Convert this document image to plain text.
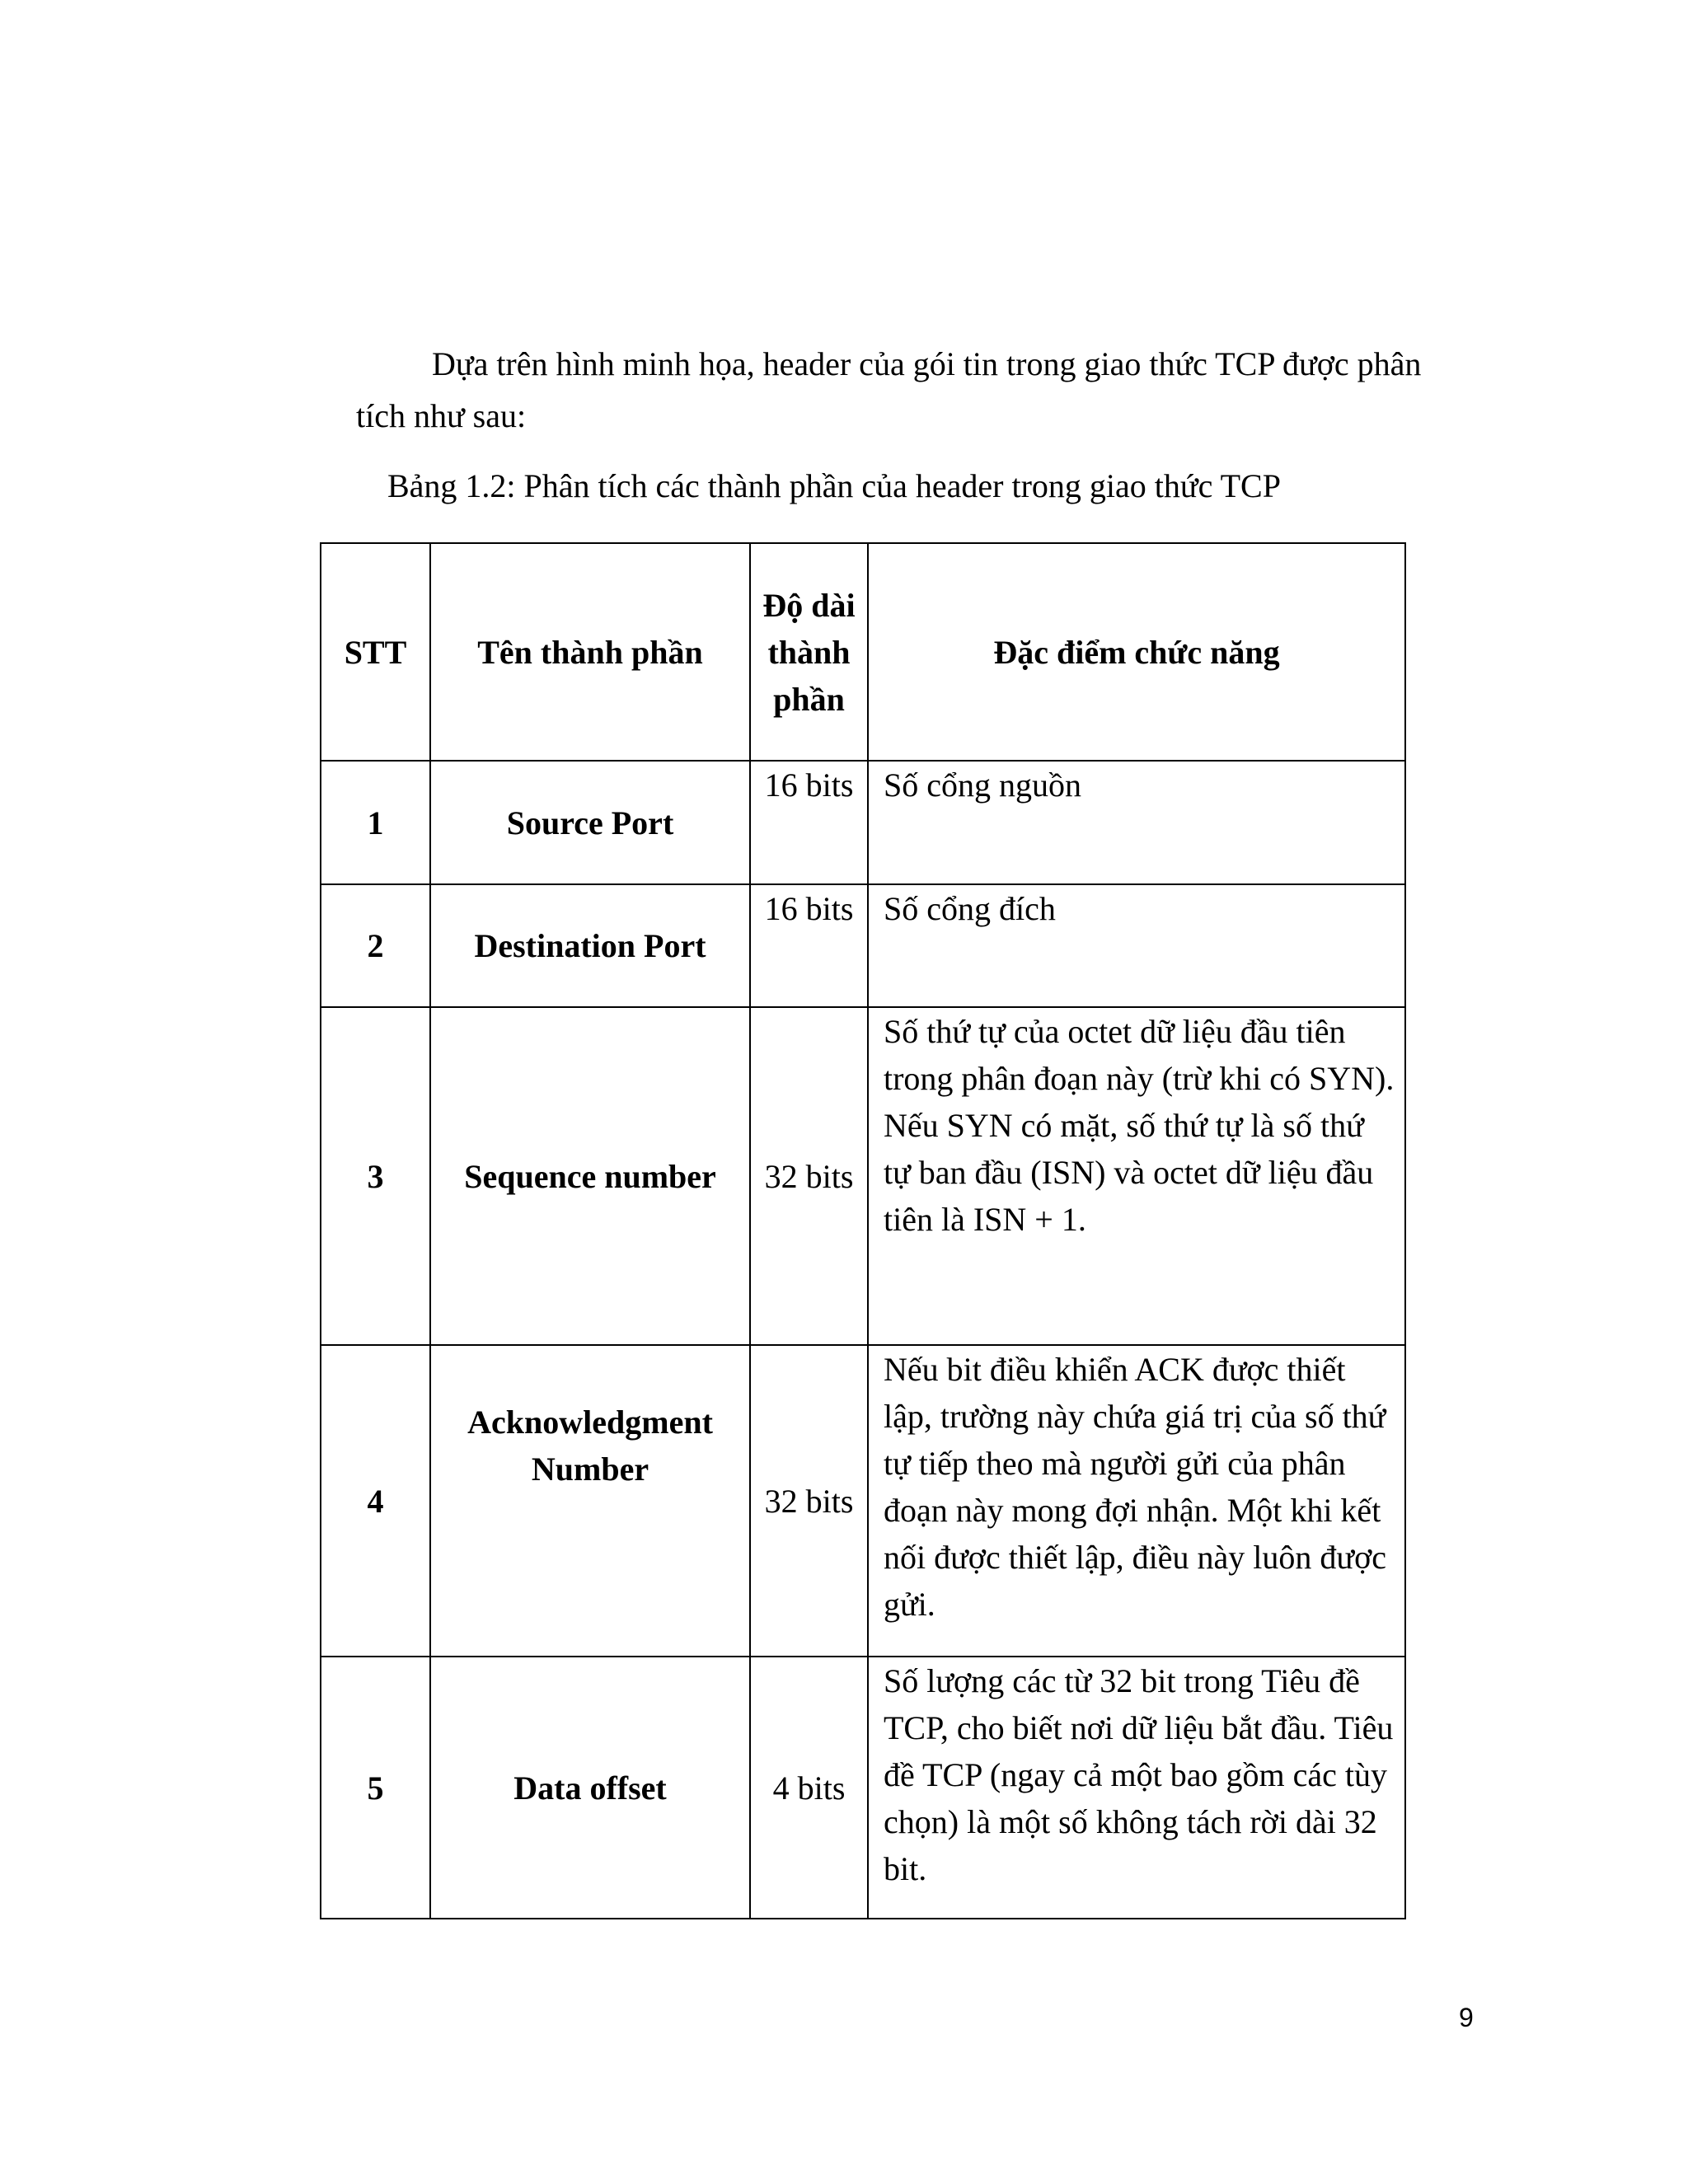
Dựa trên hình minh họa, header của gói tin trong giao thức TCP được phân tích như sau:

Bảng 1.2: Phân tích các thành phần của header trong giao thức TCP

STT	Tên thành phần	Độ dài thành phần	Đặc điểm chức năng
1	Source Port	16 bits	Số cổng nguồn
2	Destination Port	16 bits	Số cổng đích
3	Sequence number	32 bits	Số thứ tự của octet dữ liệu đầu tiên trong phân đoạn này (trừ khi có SYN). Nếu SYN có mặt, số thứ tự là số thứ tự ban đầu (ISN) và octet dữ liệu đầu tiên là ISN + 1.
4	Acknowledgment Number	32 bits	Nếu bit điều khiển ACK được thiết lập, trường này chứa giá trị của số thứ tự tiếp theo mà người gửi của phân đoạn này mong đợi nhận. Một khi kết nối được thiết lập, điều này luôn được gửi.
5	Data offset	4 bits	Số lượng các từ 32 bit trong Tiêu đề TCP, cho biết nơi dữ liệu bắt đầu. Tiêu đề TCP (ngay cả một bao gồm các tùy chọn) là một số không tách rời dài 32 bit.
9
